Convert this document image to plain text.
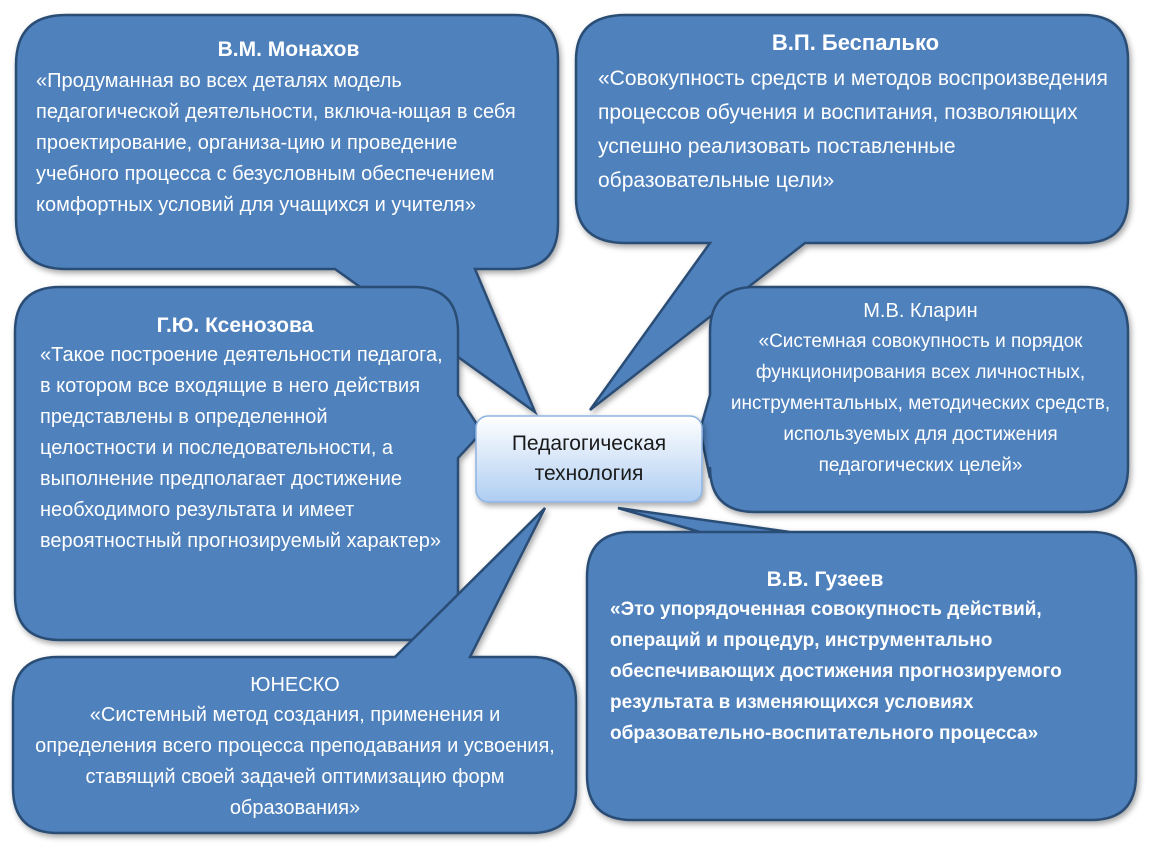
Педагогическая технология
В.М. Монахов
«Продуманная во всех деталях модель педагогической деятельности, включа-ющая в себя проектирование, организа-цию и проведение учебного процесса с безусловным обеспечением комфортных условий для учащихся и учителя»
В.П. Беспалько
«Совокупность средств и методов воспроизведения процессов обучения и воспитания, позволяющих успешно реализовать поставленные образовательные цели»
Г.Ю. Ксенозова
«Такое построение деятельности педагога, в котором все входящие в него действия представлены в определенной целостности и последовательности, а выполнение предполагает достижение необходимого результата и имеет вероятностный прогнозируемый характер»
М.В. Кларин
«Системная совокупность и порядок функционирования всех личностных, инструментальных, методических средств, используемых для достижения педагогических целей»
В.В. Гузеев
«Это упорядоченная совокупность действий, операций и процедур, инструментально обеспечивающих достижения прогнозируемого результата в изменяющихся условиях образовательно-воспитательного процесса»
ЮНЕСКО
«Системный метод создания, применения и определения всего процесса преподавания и усвоения, ставящий своей задачей оптимизацию форм образования»
